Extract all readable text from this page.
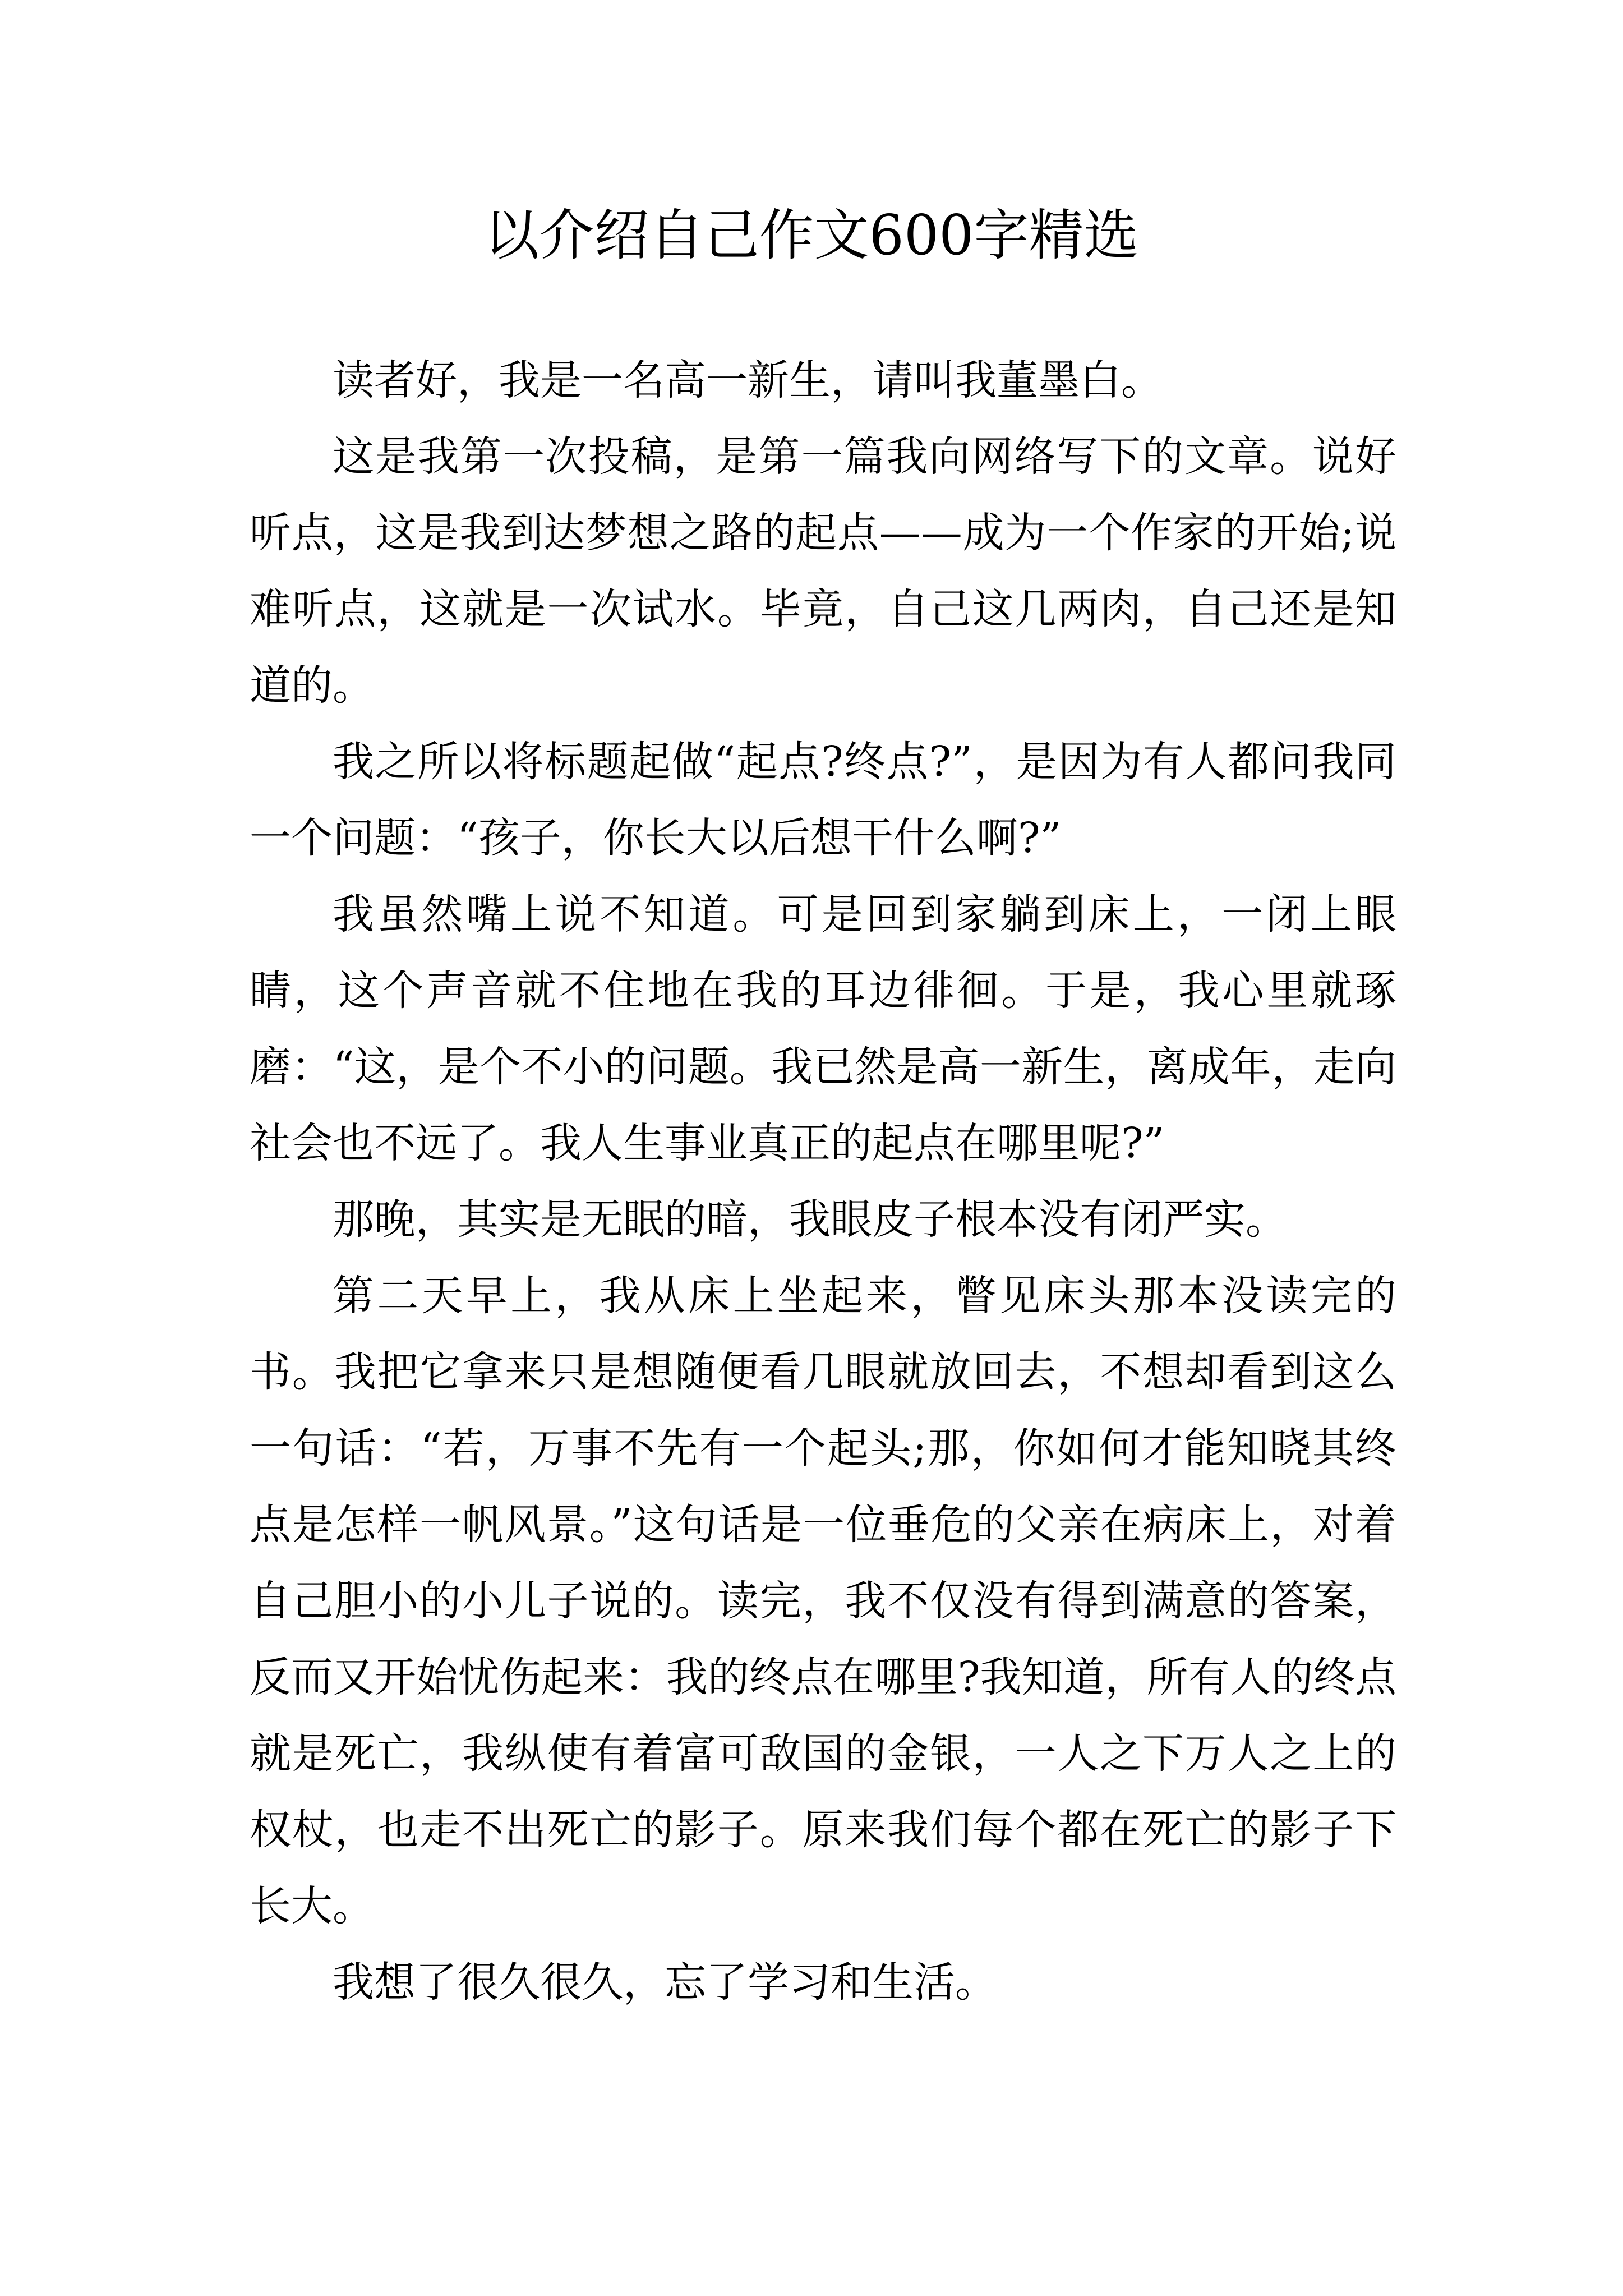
以介绍自己作文600字精选

读者好，我是一名高一新生，请叫我董墨白。

这是我第一次投稿，是第一篇我向网络写下的文章。说好听点，这是我到达梦想之路的起点——成为一个作家的开始;说难听点，这就是一次试水。毕竟，自己这几两肉，自己还是知道的。

我之所以将标题起做“起点?终点?”，是因为有人都问我同一个问题：“孩子，你长大以后想干什么啊?”

我虽然嘴上说不知道。可是回到家躺到床上，一闭上眼睛，这个声音就不住地在我的耳边徘徊。于是，我心里就琢磨：“这，是个不小的问题。我已然是高一新生，离成年，走向社会也不远了。我人生事业真正的起点在哪里呢?”

那晚，其实是无眠的暗，我眼皮子根本没有闭严实。

第二天早上，我从床上坐起来，瞥见床头那本没读完的书。我把它拿来只是想随便看几眼就放回去，不想却看到这么一句话：“若，万事不先有一个起头;那，你如何才能知晓其终点是怎样一帆风景。”这句话是一位垂危的父亲在病床上，对着自己胆小的小儿子说的。读完，我不仅没有得到满意的答案，反而又开始忧伤起来：我的终点在哪里?我知道，所有人的终点就是死亡，我纵使有着富可敌国的金银，一人之下万人之上的权杖，也走不出死亡的影子。原来我们每个都在死亡的影子下长大。

我想了很久很久，忘了学习和生活。
